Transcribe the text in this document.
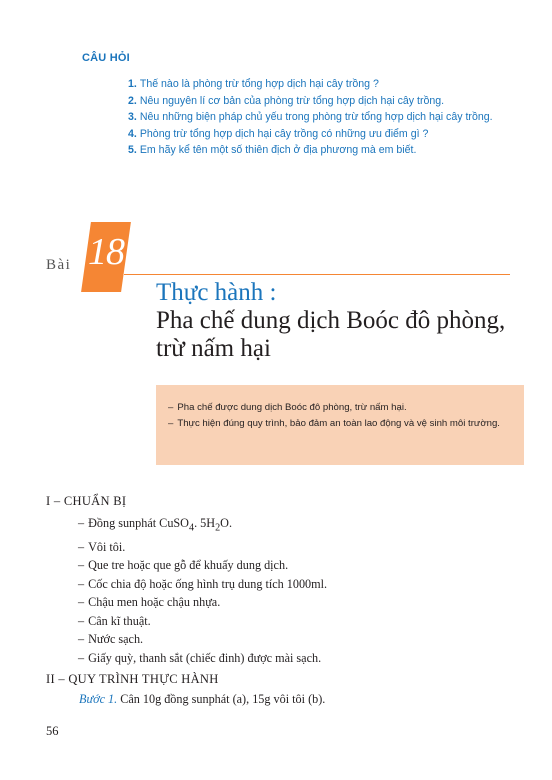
CÂU HỎI
1. Thế nào là phòng trừ tổng hợp dịch hại cây trồng ?
2. Nêu nguyên lí cơ bản của phòng trừ tổng hợp dịch hại cây trồng.
3. Nêu những biện pháp chủ yếu trong phòng trừ tổng hợp dịch hại cây trồng.
4. Phòng trừ tổng hợp dịch hại cây trồng có những ưu điểm gì ?
5. Em hãy kể tên một số thiên địch ở địa phương mà em biết.
Bài 18
Thực hành :
Pha chế dung dịch Boóc đô phòng, trừ nấm hại
– Pha chế được dung dịch Boóc đô phòng, trừ nấm hại.
– Thực hiện đúng quy trình, bảo đảm an toàn lao động và vệ sinh môi trường.
I – CHUẨN BỊ
– Đồng sunphát CuSO$_4$. $5H_2O$.
– Vôi tôi.
– Que tre hoặc que gỗ để khuấy dung dịch.
– Cốc chia độ hoặc ống hình trụ dung tích 1000ml.
– Chậu men hoặc chậu nhựa.
– Cân kĩ thuật.
– Nước sạch.
– Giấy quỳ, thanh sắt (chiếc đinh) được mài sạch.
II – QUY TRÌNH THỰC HÀNH
Bước 1. Cân 10g đồng sunphát (a), 15g vôi tôi (b).
56
